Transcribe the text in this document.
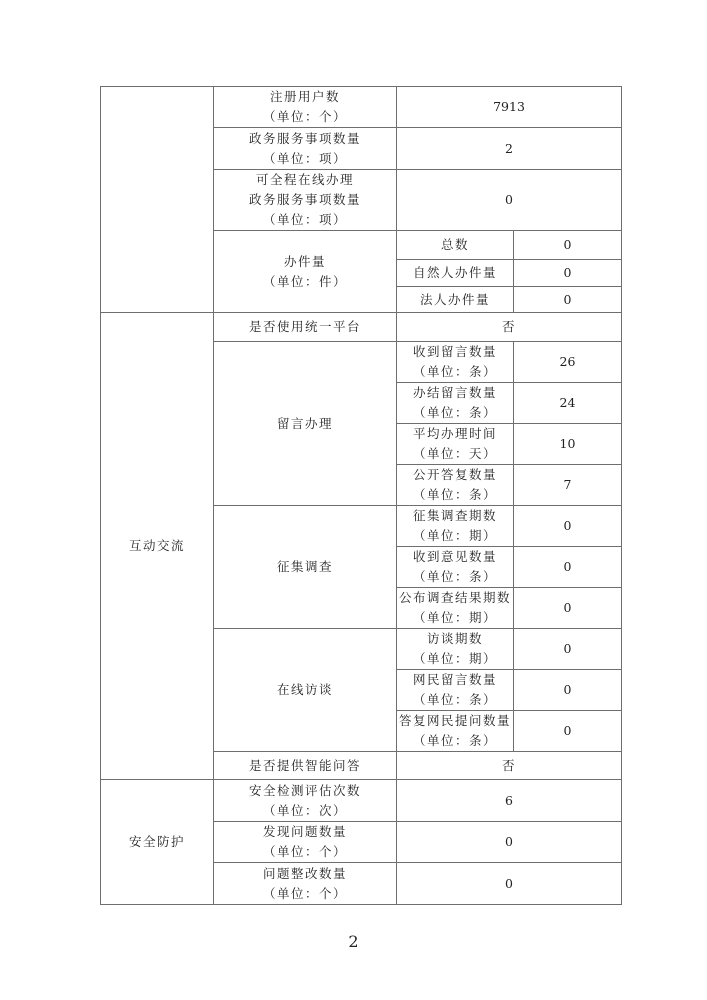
	注册用户数
（单位：个）	7913	

	政务服务事项数量
（单位：项）	2	

	可全程在线办理
政务服务事项数量
（单位：项）	0	

	办件量
（单位：件）	总数	0
		自然人办件量	0
		法人办件量	0
互动交流	是否使用统一平台	否	
	留言办理	收到留言数量
（单位：条）	26

		办结留言数量
（单位：条）	24

		平均办理时间
（单位：天）	10

		公开答复数量
（单位：条）	7
	征集调查	征集调查期数
（单位：期）	0

		收到意见数量
（单位：条）	0

		公布调查结果期数
（单位：期）	0
	在线访谈	访谈期数
（单位：期）	0

		网民留言数量
（单位：条）	0

		答复网民提问数量
（单位：条）	0
	是否提供智能问答	否	
安全防护	安全检测评估次数
（单位：次）	6	

	发现问题数量
（单位：个）	0	

	问题整改数量
（单位：个）	0	
2
